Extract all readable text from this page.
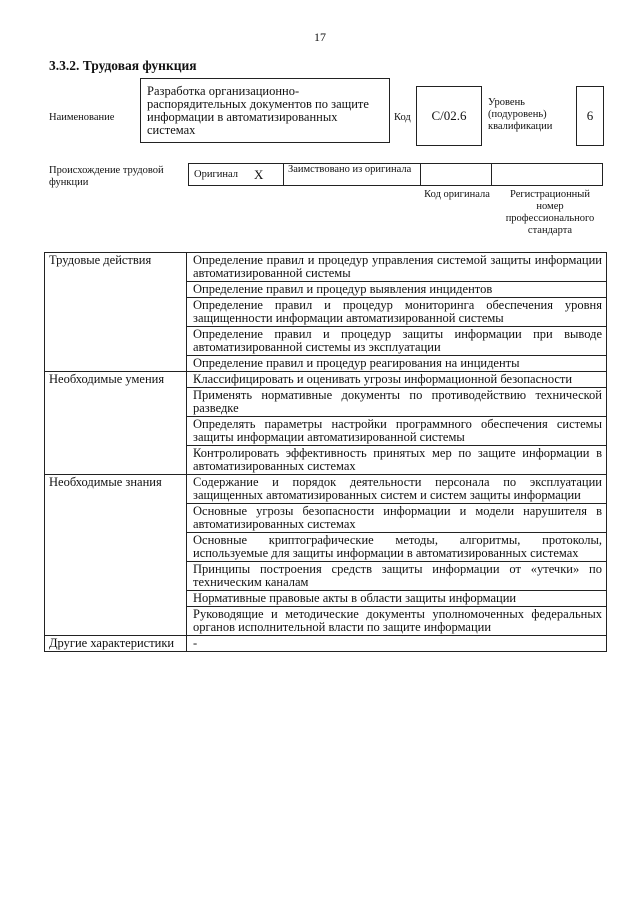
17
3.3.2. Трудовая функция
Наименование
Разработка организационно-распорядительных документов по защите информации в автоматизированных системах
Код	C/02.6
Уровень (подуровень) квалификации
6
Происхождение трудовой функции
Оригинал X Заимствовано из оригинала
Код оригинала	Регистрационный номер профессионального стандарта
Трудовые действия	Определение правил и процедур управления системой защиты информации автоматизированной системы
	Определение правил и процедур выявления инцидентов
	Определение правил и процедур мониторинга обеспечения уровня защищенности информации автоматизированной системы
	Определение правил и процедур защиты информации при выводе автоматизированной системы из эксплуатации
	Определение правил и процедур реагирования на инциденты
Необходимые умения	Классифицировать и оценивать угрозы информационной безопасности
	Применять нормативные документы по противодействию технической разведке
	Определять параметры настройки программного обеспечения системы защиты информации автоматизированной системы
	Контролировать эффективность принятых мер по защите информации в автоматизированных системах
Необходимые знания	Содержание и порядок деятельности персонала по эксплуатации защищенных автоматизированных систем и систем защиты информации
	Основные угрозы безопасности информации и модели нарушителя в автоматизированных системах
	Основные криптографические методы, алгоритмы, протоколы, используемые для защиты информации в автоматизированных системах
	Принципы построения средств защиты информации от «утечки» по техническим каналам
	Нормативные правовые акты в области защиты информации
	Руководящие и методические документы уполномоченных федеральных органов исполнительной власти по защите информации
Другие характеристики	-
